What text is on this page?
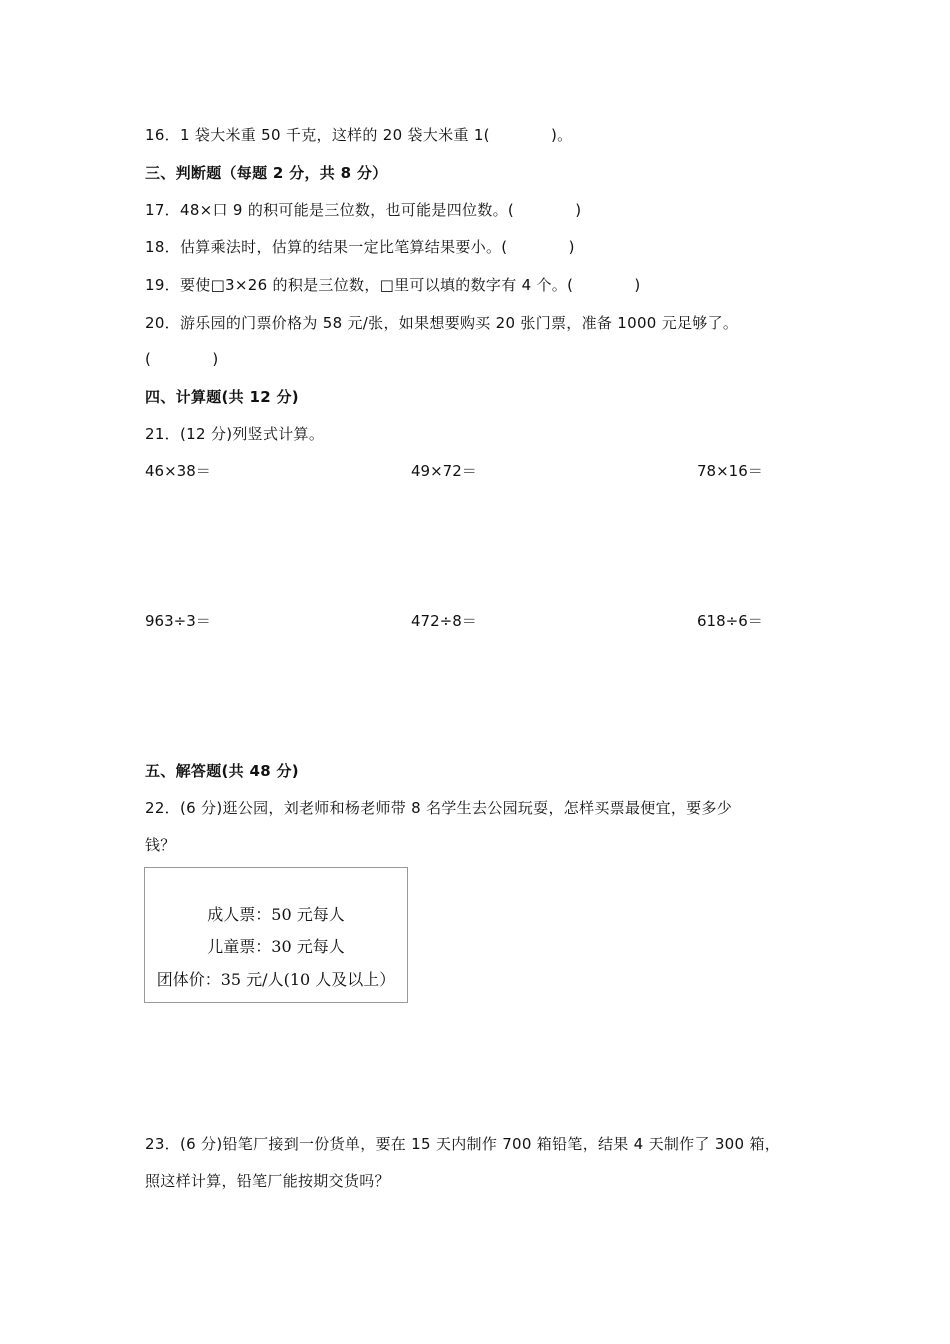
16．1 袋大米重 50 千克，这样的 20 袋大米重 1(　　　　)。
三、判断题（每题 2 分，共 8 分）
17．48×口 9 的积可能是三位数，也可能是四位数。(　　　　)
18．估算乘法时，估算的结果一定比笔算结果要小。(　　　　)
19．要使□3×26 的积是三位数，□里可以填的数字有 4 个。(　　　　)
20．游乐园的门票价格为 58 元/张，如果想要购买 20 张门票，准备 1000 元足够了。
(　　　　)
四、计算题(共 12 分)
21．(12 分)列竖式计算。
46×38＝	49×72＝	78×16＝
963÷3＝	472÷8＝	618÷6＝
五、解答题(共 48 分)
22．(6 分)逛公园，刘老师和杨老师带 8 名学生去公园玩耍，怎样买票最便宜，要多少
钱？
成人票：50 元每人
儿童票：30 元每人
团体价：35 元/人(10 人及以上）
23．(6 分)铅笔厂接到一份货单，要在 15 天内制作 700 箱铅笔，结果 4 天制作了 300 箱，
照这样计算，铅笔厂能按期交货吗？
